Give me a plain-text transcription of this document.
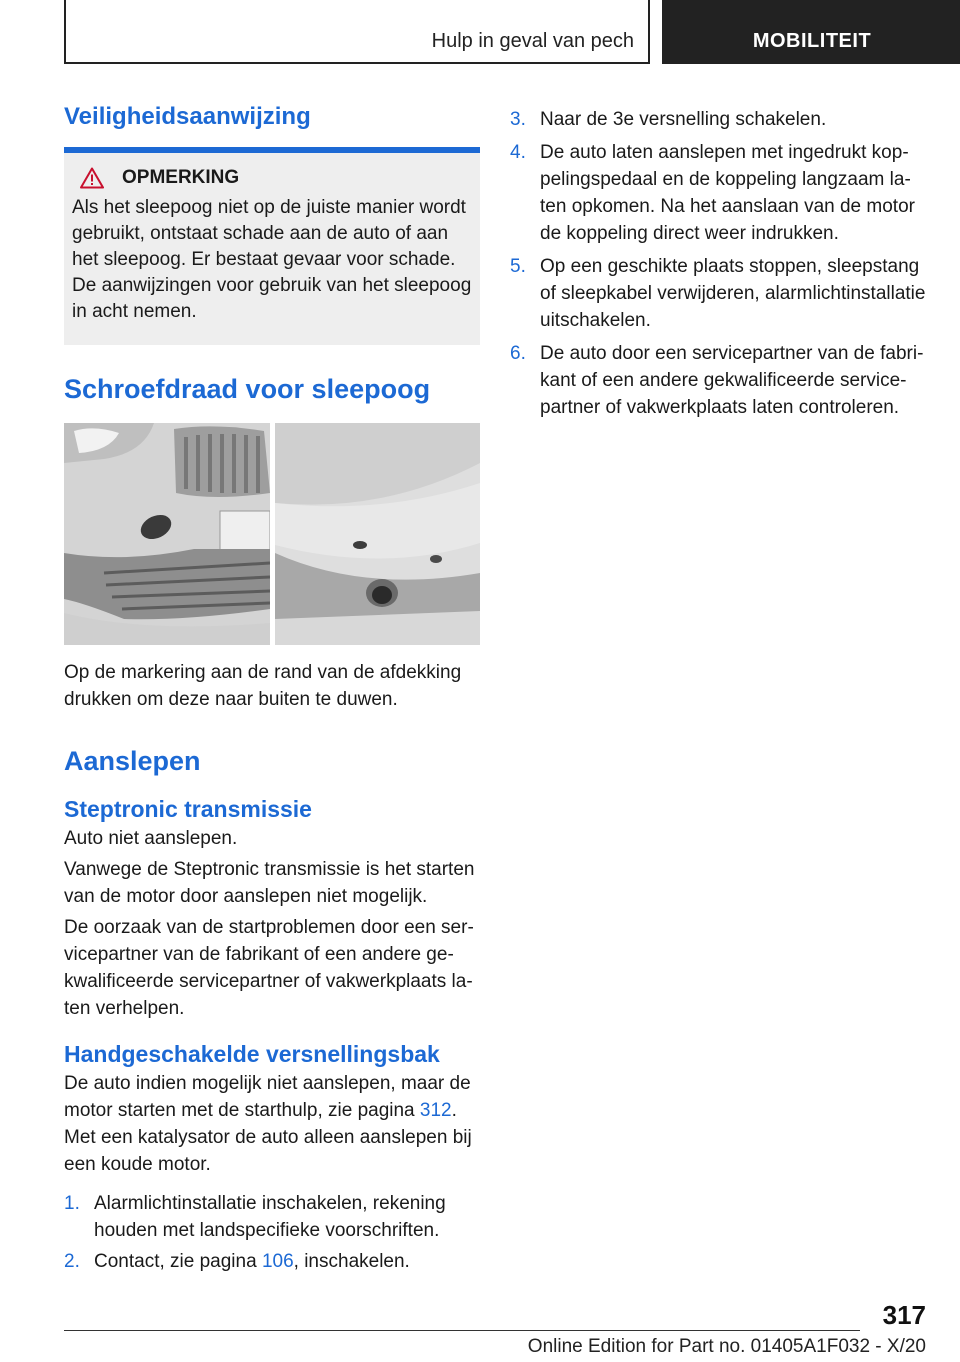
Hulp in geval van pech	MOBILITEIT
Veiligheidsaanwijzing
OPMERKING

Als het sleepoog niet op de juiste manier wordt gebruikt, ontstaat schade aan de auto of aan het sleepoog. Er bestaat gevaar voor schade. De aanwijzingen voor gebruik van het sleepoog in acht nemen.

Schroefdraad voor sleepoog

Op de markering aan de rand van de afdekking drukken om deze naar buiten te duwen.

Aanslepen
Steptronic transmissie

Auto niet aanslepen.

Vanwege de Steptronic transmissie is het starten van de motor door aanslepen niet mogelijk.

De oorzaak van de startproblemen door een servicepartner van de fabrikant of een andere gekwalificeerde servicepartner of vakwerkplaats laten verhelpen.

Handgeschakelde versnellingsbak

De auto indien mogelijk niet aanslepen, maar de motor starten met de starthulp, zie pagina 312.

Met een katalysator de auto alleen aanslepen bij een koude motor.

1. Alarmlichtinstallatie inschakelen, rekening houden met landspecifieke voorschriften.
2. Contact, zie pagina 106, inschakelen.
3. Naar de 3e versnelling schakelen.
4. De auto laten aanslepen met ingedrukt koppelingspedaal en de koppeling langzaam laten opkomen. Na het aanslaan van de motor de koppeling direct weer indrukken.
5. Op een geschikte plaats stoppen, sleepstang of sleepkabel verwijderen, alarmlichtinstallatie uitschakelen.
6. De auto door een servicepartner van de fabrikant of een andere gekwalificeerde servicepartner of vakwerkplaats laten controleren.
317
Online Edition for Part no. 01405A1F032 - X/20
